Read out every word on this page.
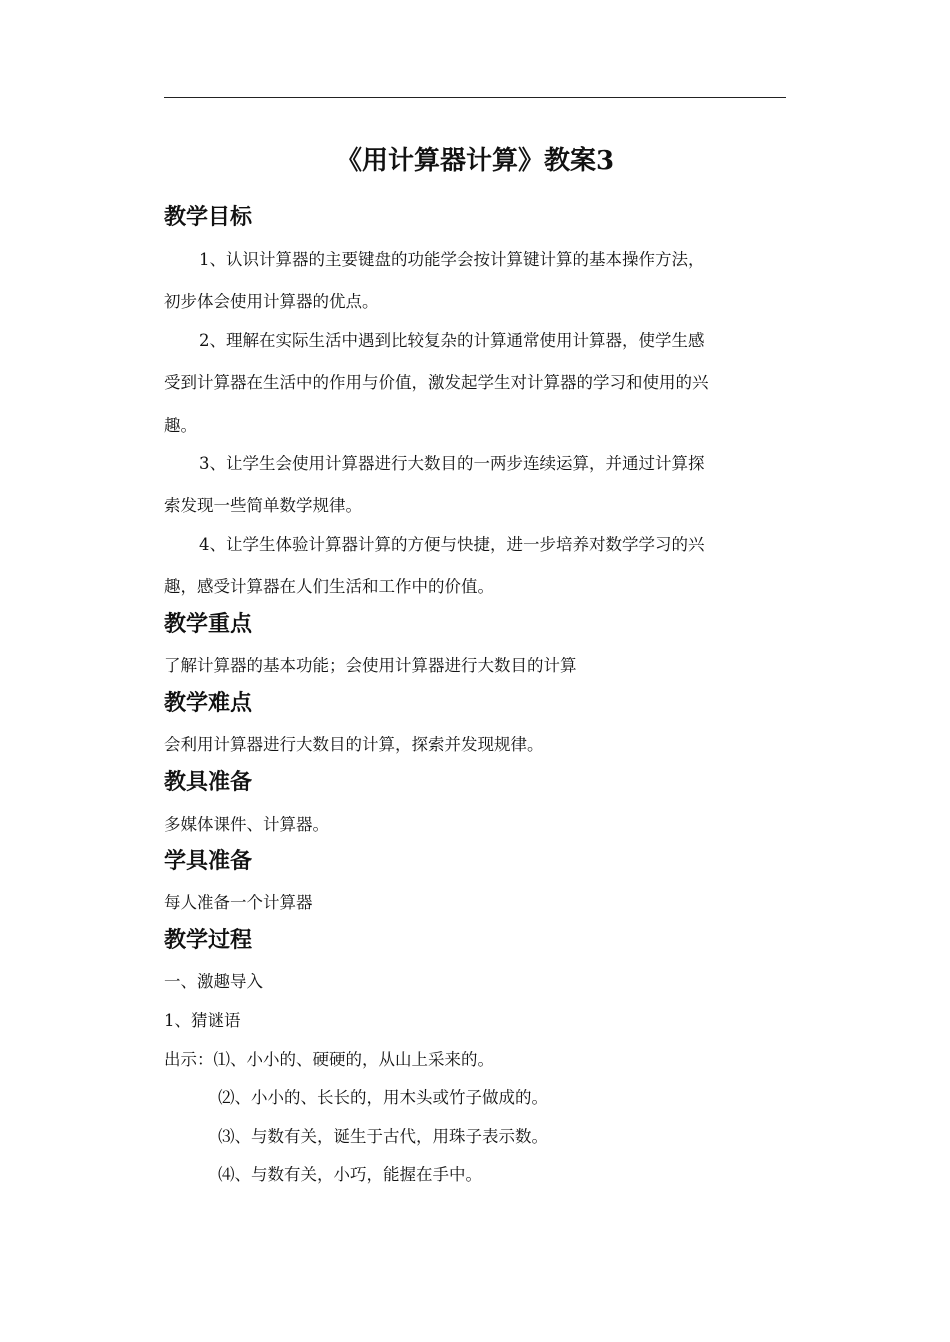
《用计算器计算》教案3
教学目标
1、认识计算器的主要键盘的功能学会按计算键计算的基本操作方法，
初步体会使用计算器的优点。
2、理解在实际生活中遇到比较复杂的计算通常使用计算器，使学生感
受到计算器在生活中的作用与价值，激发起学生对计算器的学习和使用的兴
趣。
3、让学生会使用计算器进行大数目的一两步连续运算，并通过计算探
索发现一些简单数学规律。
4、让学生体验计算器计算的方便与快捷，进一步培养对数学学习的兴
趣，感受计算器在人们生活和工作中的价值。
教学重点
了解计算器的基本功能；会使用计算器进行大数目的计算
教学难点
会利用计算器进行大数目的计算，探索并发现规律。
教具准备
多媒体课件、计算器。
学具准备
每人准备一个计算器
教学过程
一、激趣导入
1、猜谜语
出示：⑴、小小的、硬硬的，从山上采来的。
⑵、小小的、长长的，用木头或竹子做成的。
⑶、与数有关，诞生于古代，用珠子表示数。
⑷、与数有关，小巧，能握在手中。
